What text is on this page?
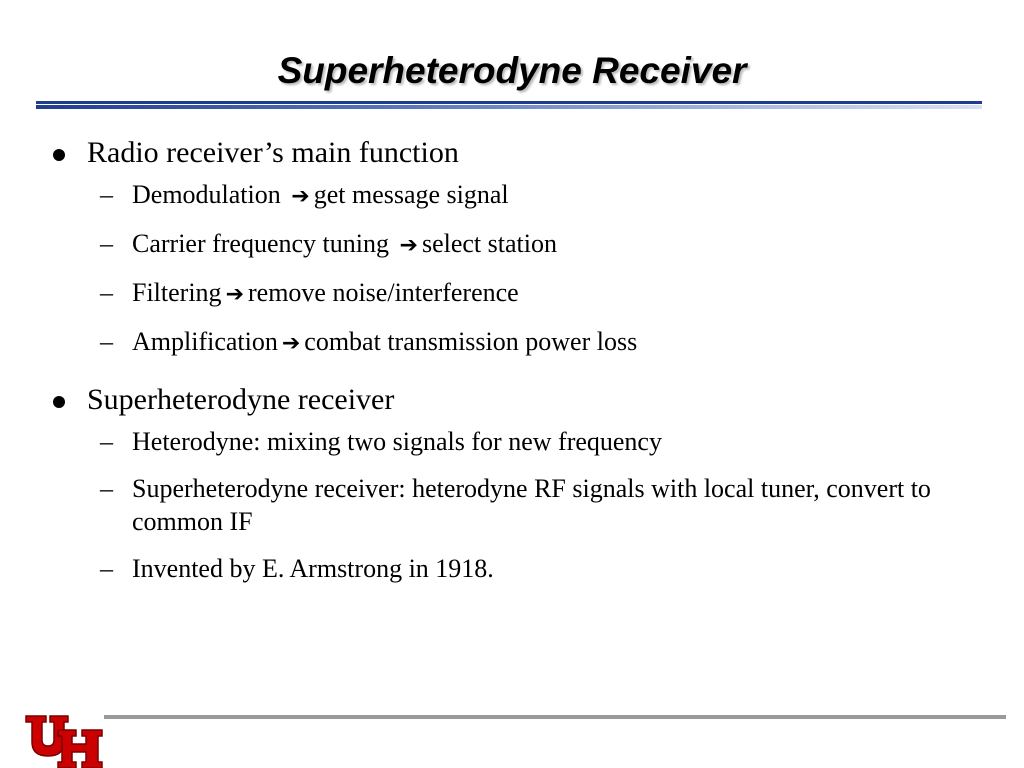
Superheterodyne Receiver
Radio receiver’s main function
– Demodulation ➔ get message signal
– Carrier frequency tuning ➔ select station
– Filtering ➔ remove noise/interference
– Amplification ➔ combat transmission power loss
Superheterodyne receiver
– Heterodyne: mixing two signals for new frequency
– Superheterodyne receiver: heterodyne RF signals with local tuner, convert to common IF
– Invented by E. Armstrong in 1918.
